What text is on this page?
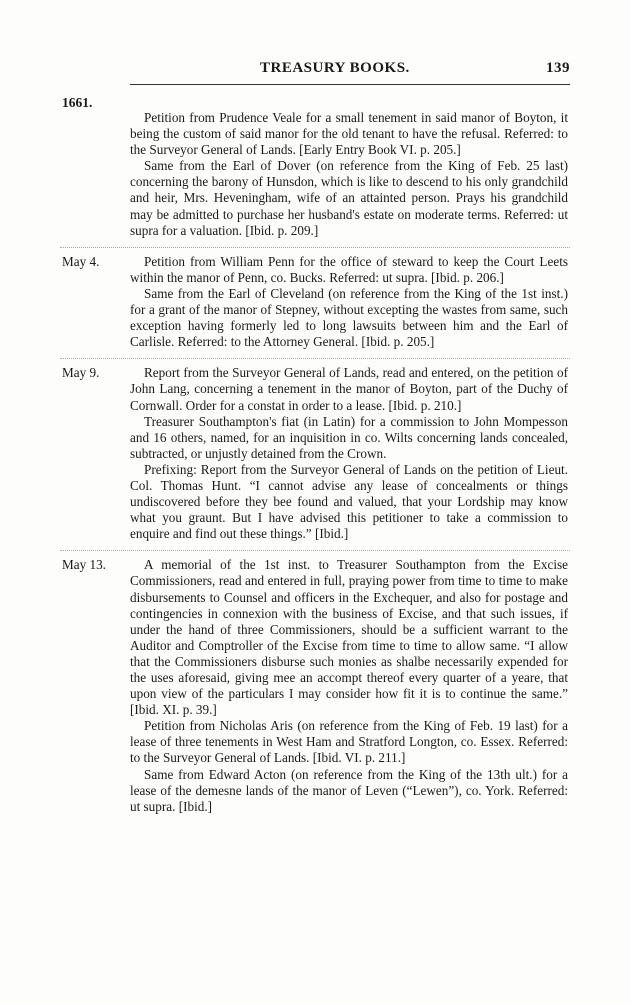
TREASURY BOOKS.	139
1661.

Petition from Prudence Veale for a small tenement in said manor of Boyton, it being the custom of said manor for the old tenant to have the refusal. Referred: to the Surveyor General of Lands. [Early Entry Book VI. p. 205.]

Same from the Earl of Dover (on reference from the King of Feb. 25 last) concerning the barony of Hunsdon, which is like to descend to his only grandchild and heir, Mrs. Heveningham, wife of an attainted person. Prays his grandchild may be admitted to purchase her husband's estate on moderate terms. Referred: ut supra for a valuation. [Ibid. p. 209.]

May 4.	Petition from William Penn for the office of steward to keep the Court Leets within the manor of Penn, co. Bucks. Referred: ut supra. [Ibid. p. 206.]

Same from the Earl of Cleveland (on reference from the King of the 1st inst.) for a grant of the manor of Stepney, without excepting the wastes from same, such exception having formerly led to long lawsuits between him and the Earl of Carlisle. Referred: to the Attorney General. [Ibid. p. 205.]

May 9.	Report from the Surveyor General of Lands, read and entered, on the petition of John Lang, concerning a tenement in the manor of Boyton, part of the Duchy of Cornwall. Order for a constat in order to a lease. [Ibid. p. 210.]

Treasurer Southampton's fiat (in Latin) for a commission to John Mompesson and 16 others, named, for an inquisition in co. Wilts concerning lands concealed, subtracted, or unjustly detained from the Crown.

Prefixing: Report from the Surveyor General of Lands on the petition of Lieut. Col. Thomas Hunt. “I cannot advise any lease of concealments or things undiscovered before they bee found and valued, that your Lordship may know what you graunt. But I have advised this petitioner to take a commission to enquire and find out these things.” [Ibid.]

May 13.	A memorial of the 1st inst. to Treasurer Southampton from the Excise Commissioners, read and entered in full, praying power from time to time to make disbursements to Counsel and officers in the Exchequer, and also for postage and contingencies in connexion with the business of Excise, and that such issues, if under the hand of three Commissioners, should be a sufficient warrant to the Auditor and Comptroller of the Excise from time to time to allow same. “I allow that the Commissioners disburse such monies as shalbe necessarily expended for the uses aforesaid, giving mee an accompt thereof every quarter of a yeare, that upon view of the particulars I may consider how fit it is to continue the same.” [Ibid. XI. p. 39.]

Petition from Nicholas Aris (on reference from the King of Feb. 19 last) for a lease of three tenements in West Ham and Stratford Longton, co. Essex. Referred: to the Surveyor General of Lands. [Ibid. VI. p. 211.]

Same from Edward Acton (on reference from the King of the 13th ult.) for a lease of the demesne lands of the manor of Leven (“Lewen”), co. York. Referred: ut supra. [Ibid.]
